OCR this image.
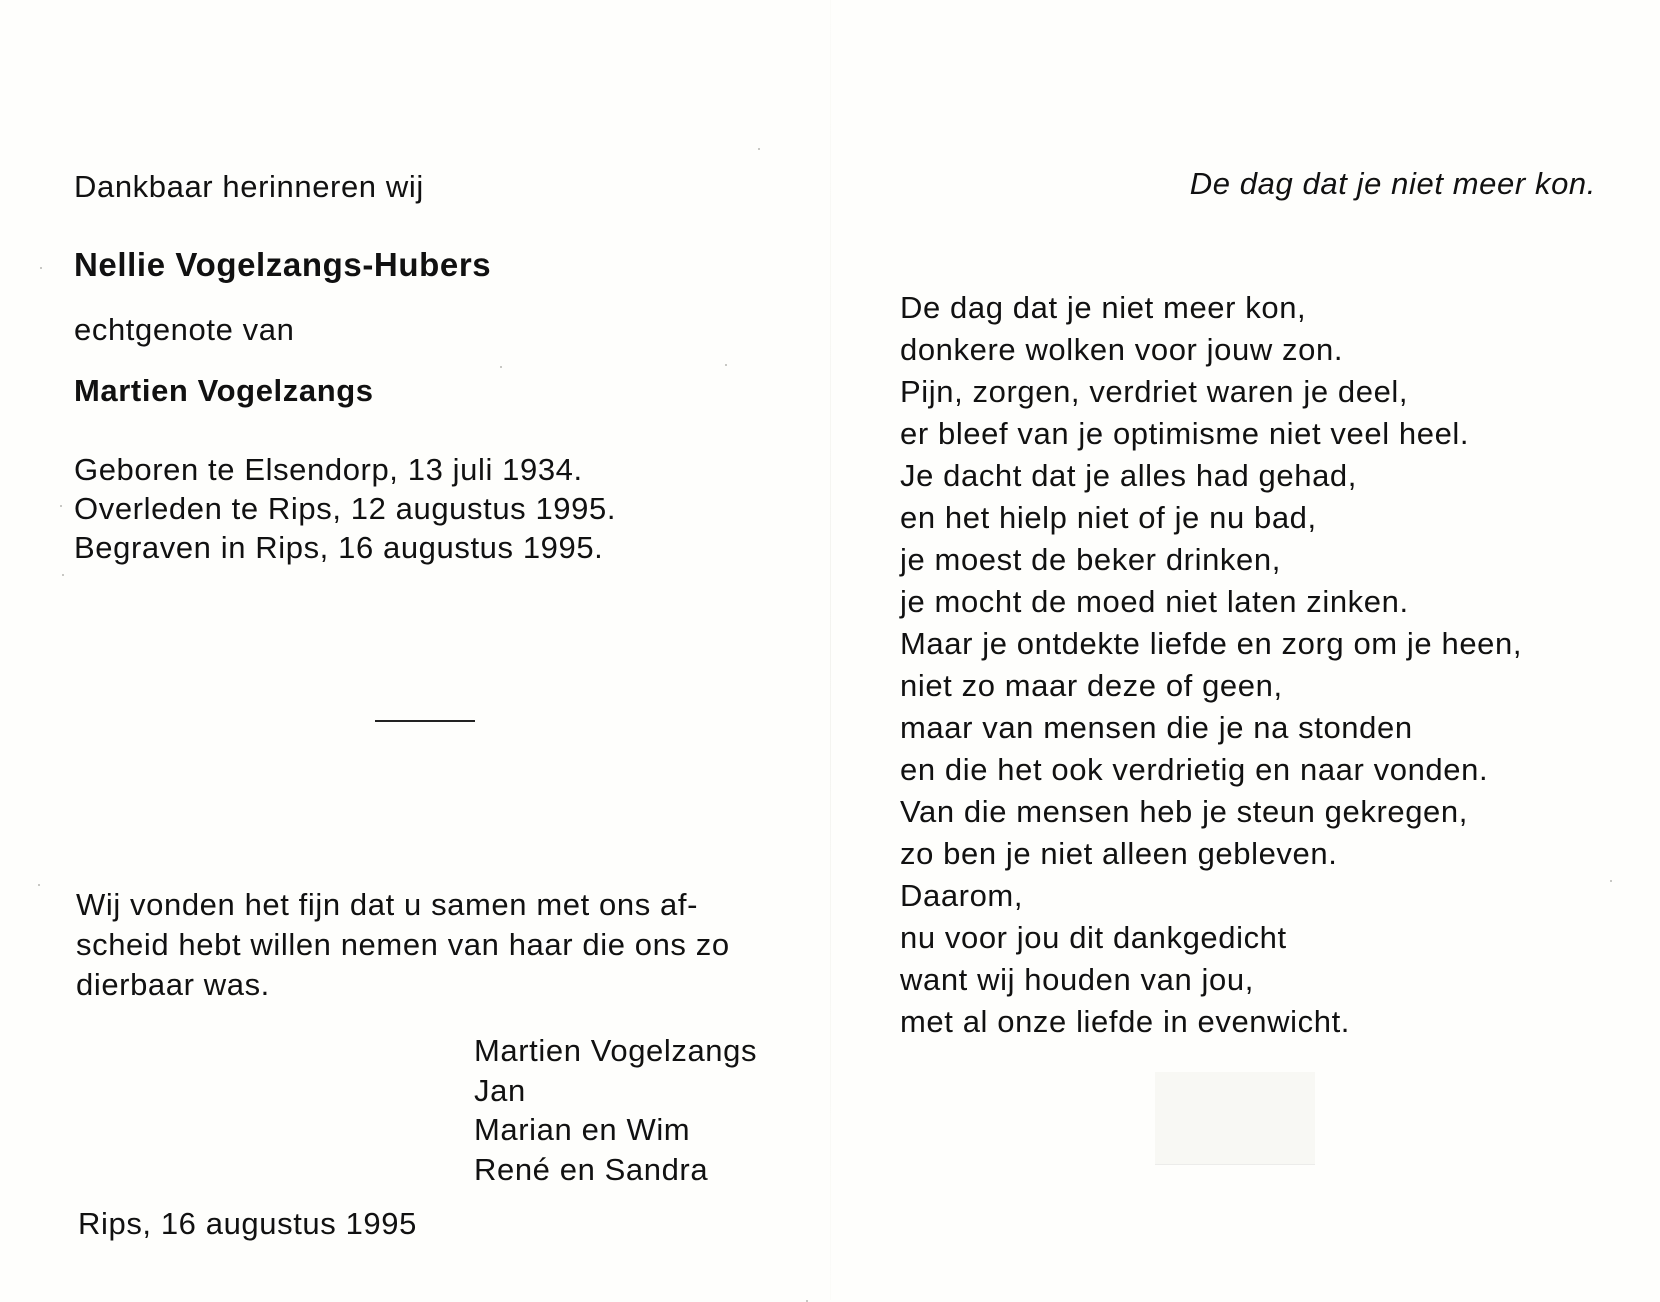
Dankbaar herinneren wij
Nellie Vogelzangs-Hubers
echtgenote van
Martien Vogelzangs
Geboren te Elsendorp, 13 juli 1934.
Overleden te Rips, 12 augustus 1995.
Begraven in Rips, 16 augustus 1995.
Wij vonden het fijn dat u samen met ons af-
scheid hebt willen nemen van haar die ons zo
dierbaar was.
Martien Vogelzangs
Jan
Marian en Wim
René en Sandra
Rips, 16 augustus 1995
De dag dat je niet meer kon.
De dag dat je niet meer kon,
donkere wolken voor jouw zon.
Pijn, zorgen, verdriet waren je deel,
er bleef van je optimisme niet veel heel.
Je dacht dat je alles had gehad,
en het hielp niet of je nu bad,
je moest de beker drinken,
je mocht de moed niet laten zinken.
Maar je ontdekte liefde en zorg om je heen,
niet zo maar deze of geen,
maar van mensen die je na stonden
en die het ook verdrietig en naar vonden.
Van die mensen heb je steun gekregen,
zo ben je niet alleen gebleven.
Daarom,
nu voor jou dit dankgedicht
want wij houden van jou,
met al onze liefde in evenwicht.
